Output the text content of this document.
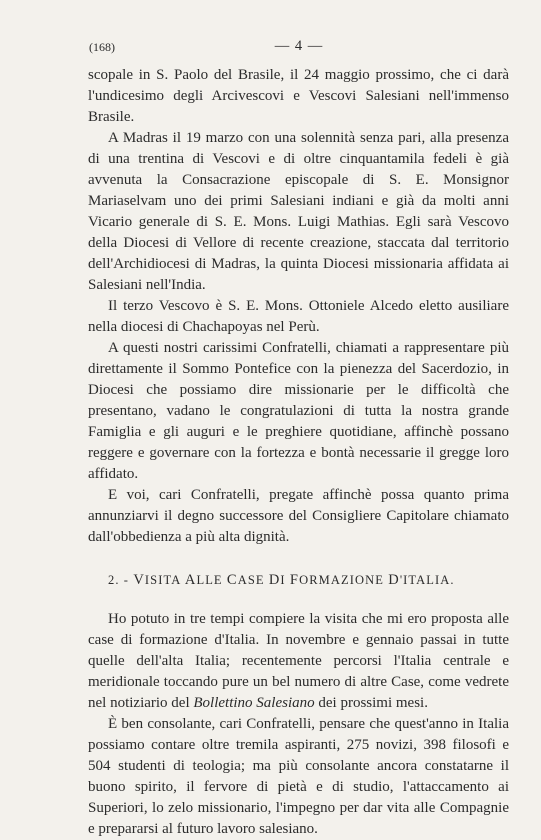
(168)	— 4 —

scopale in S. Paolo del Brasile, il 24 maggio prossimo, che ci darà l'undicesimo degli Arcivescovi e Vescovi Salesiani nell'immenso Brasile.

A Madras il 19 marzo con una solennità senza pari, alla presenza di una trentina di Vescovi e di oltre cinquantamila fedeli è già avvenuta la Consacrazione episcopale di S. E. Monsignor Mariaselvam uno dei primi Salesiani indiani e già da molti anni Vicario generale di S. E. Mons. Luigi Mathias. Egli sarà Vescovo della Diocesi di Vellore di recente creazione, staccata dal territorio dell'Archidiocesi di Madras, la quinta Diocesi missionaria affidata ai Salesiani nell'India.

Il terzo Vescovo è S. E. Mons. Ottoniele Alcedo eletto ausiliare nella diocesi di Chachapoyas nel Perù.

A questi nostri carissimi Confratelli, chiamati a rappresentare più direttamente il Sommo Pontefice con la pienezza del Sacerdozio, in Diocesi che possiamo dire missionarie per le difficoltà che presentano, vadano le congratulazioni di tutta la nostra grande Famiglia e gli auguri e le preghiere quotidiane, affinchè possano reggere e governare con la fortezza e bontà necessarie il gregge loro affidato.

E voi, cari Confratelli, pregate affinchè possa quanto prima annunziarvi il degno successore del Consigliere Capitolare chiamato dall'obbedienza a più alta dignità.

2. - VISITA ALLE CASE DI FORMAZIONE D'ITALIA.

Ho potuto in tre tempi compiere la visita che mi ero proposta alle case di formazione d'Italia. In novembre e gennaio passai in tutte quelle dell'alta Italia; recentemente percorsi l'Italia centrale e meridionale toccando pure un bel numero di altre Case, come vedrete nel notiziario del Bollettino Salesiano dei prossimi mesi.

È ben consolante, cari Confratelli, pensare che quest'anno in Italia possiamo contare oltre tremila aspiranti, 275 novizi, 398 filosofi e 504 studenti di teologia; ma più consolante ancora constatarne il buono spirito, il fervore di pietà e di studio, l'attaccamento ai Superiori, lo zelo missionario, l'impegno per dar vita alle Compagnie e prepararsi al futuro lavoro salesiano.
